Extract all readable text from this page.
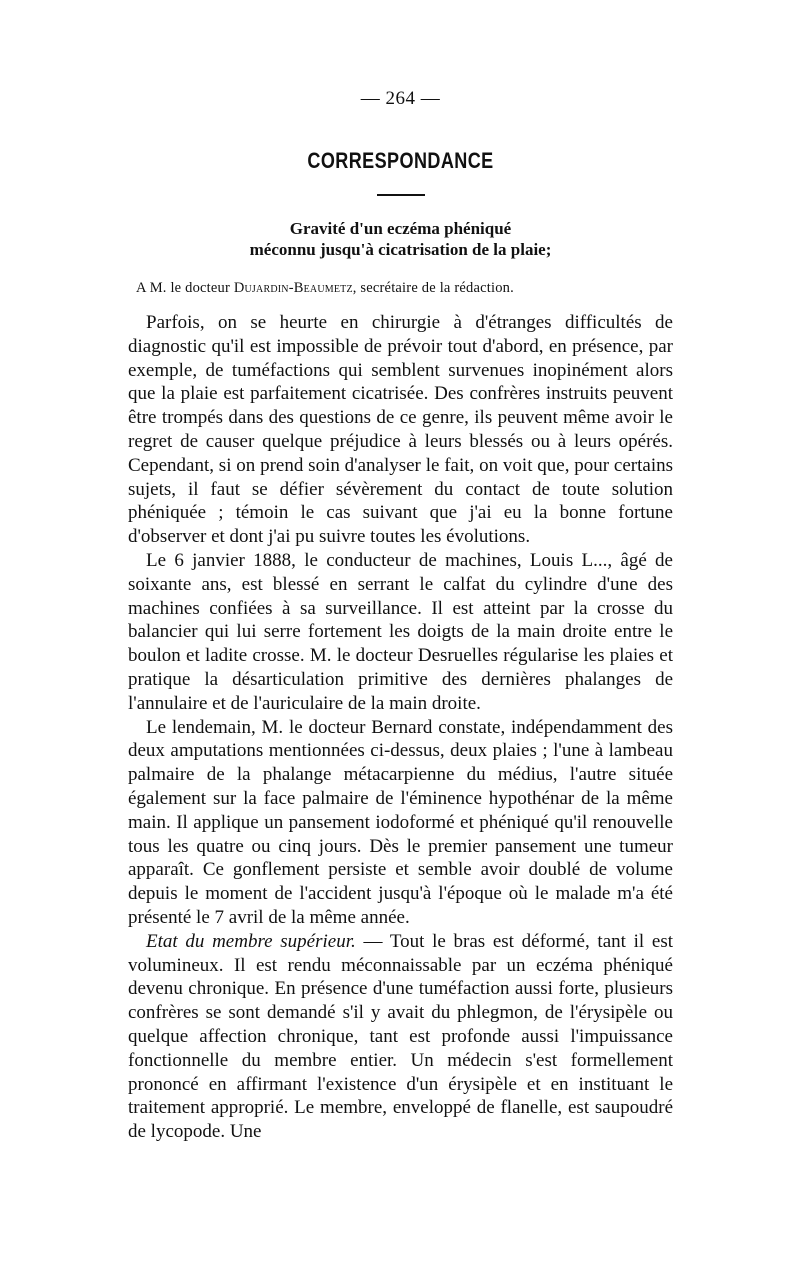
— 264 —
CORRESPONDANCE
Gravité d'un eczéma phéniqué
méconnu jusqu'à cicatrisation de la plaie;
A M. le docteur Dujardin-Beaumetz, secrétaire de la rédaction.

Parfois, on se heurte en chirurgie à d'étranges difficultés de diagnostic qu'il est impossible de prévoir tout d'abord, en présence, par exemple, de tuméfactions qui semblent survenues inopinément alors que la plaie est parfaitement cicatrisée. Des confrères instruits peuvent être trompés dans des questions de ce genre, ils peuvent même avoir le regret de causer quelque préjudice à leurs blessés ou à leurs opérés. Cependant, si on prend soin d'analyser le fait, on voit que, pour certains sujets, il faut se défier sévèrement du contact de toute solution phéniquée ; témoin le cas suivant que j'ai eu la bonne fortune d'observer et dont j'ai pu suivre toutes les évolutions.

Le 6 janvier 1888, le conducteur de machines, Louis L..., âgé de soixante ans, est blessé en serrant le calfat du cylindre d'une des machines confiées à sa surveillance. Il est atteint par la crosse du balancier qui lui serre fortement les doigts de la main droite entre le boulon et ladite crosse. M. le docteur Desruelles régularise les plaies et pratique la désarticulation primitive des dernières phalanges de l'annulaire et de l'auriculaire de la main droite.

Le lendemain, M. le docteur Bernard constate, indépendamment des deux amputations mentionnées ci-dessus, deux plaies ; l'une à lambeau palmaire de la phalange métacarpienne du médius, l'autre située également sur la face palmaire de l'éminence hypothénar de la même main. Il applique un pansement iodoformé et phéniqué qu'il renouvelle tous les quatre ou cinq jours. Dès le premier pansement une tumeur apparaît. Ce gonflement persiste et semble avoir doublé de volume depuis le moment de l'accident jusqu'à l'époque où le malade m'a été présenté le 7 avril de la même année.

Etat du membre supérieur. — Tout le bras est déformé, tant il est volumineux. Il est rendu méconnaissable par un eczéma phéniqué devenu chronique. En présence d'une tuméfaction aussi forte, plusieurs confrères se sont demandé s'il y avait du phlegmon, de l'érysipèle ou quelque affection chronique, tant est profonde aussi l'impuissance fonctionnelle du membre entier. Un médecin s'est formellement prononcé en affirmant l'existence d'un érysipèle et en instituant le traitement approprié. Le membre, enveloppé de flanelle, est saupoudré de lycopode. Une
